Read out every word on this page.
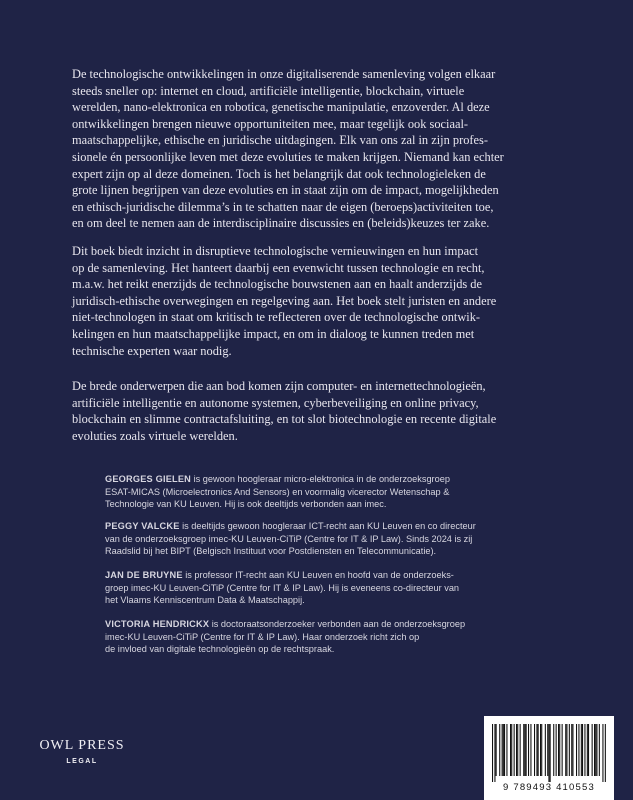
De technologische ontwikkelingen in onze digitaliserende samenleving volgen elkaar

steeds sneller op: internet en cloud, artificiële intelligentie, blockchain, virtuele

werelden, nano-elektronica en robotica, genetische manipulatie, enzoverder. Al deze

ontwikkelingen brengen nieuwe opportuniteiten mee, maar tegelijk ook sociaal-

maatschappelijke, ethische en juridische uitdagingen. Elk van ons zal in zijn profes-

sionele én persoonlijke leven met deze evoluties te maken krijgen. Niemand kan echter

expert zijn op al deze domeinen. Toch is het belangrijk dat ook technologieleken de

grote lijnen begrijpen van deze evoluties en in staat zijn om de impact, mogelijkheden

en ethisch-juridische dilemma’s in te schatten naar de eigen (beroeps)activiteiten toe,

en om deel te nemen aan de interdisciplinaire discussies en (beleids)keuzes ter zake.

Dit boek biedt inzicht in disruptieve technologische vernieuwingen en hun impact

op de samenleving. Het hanteert daarbij een evenwicht tussen technologie en recht,

m.a.w. het reikt enerzijds de technologische bouwstenen aan en haalt anderzijds de

juridisch-ethische overwegingen en regelgeving aan. Het boek stelt juristen en andere

niet-technologen in staat om kritisch te reflecteren over de technologische ontwik-

kelingen en hun maatschappelijke impact, en om in dialoog te kunnen treden met

technische experten waar nodig.

De brede onderwerpen die aan bod komen zijn computer- en internettechnologieën,

artificiële intelligentie en autonome systemen, cyberbeveiliging en online privacy,

blockchain en slimme contractafsluiting, en tot slot biotechnologie en recente digitale

evoluties zoals virtuele werelden.

GEORGES GIELEN is gewoon hoogleraar micro-elektronica in de onderzoeksgroep
ESAT-MICAS (Microelectronics And Sensors) en voormalig vicerector Wetenschap &
Technologie van KU Leuven. Hij is ook deeltijds verbonden aan imec.
PEGGY VALCKE is deeltijds gewoon hoogleraar ICT-recht aan KU Leuven en co directeur
van de onderzoeksgroep imec-KU Leuven-CiTiP (Centre for IT & IP Law). Sinds 2024 is zij
Raadslid bij het BIPT (Belgisch Instituut voor Postdiensten en Telecommunicatie).
JAN DE BRUYNE is professor IT-recht aan KU Leuven en hoofd van de onderzoeks-
groep imec-KU Leuven-CiTiP (Centre for IT & IP Law). Hij is eveneens co-directeur van
het Vlaams Kenniscentrum Data & Maatschappij.
VICTORIA HENDRICKX is doctoraatsonderzoeker verbonden aan de onderzoeksgroep
imec-KU Leuven-CiTiP (Centre for IT & IP Law). Haar onderzoek richt zich op
de invloed van digitale technologieën op de rechtspraak.
OWL PRESS
LEGAL
9 789493 410553
